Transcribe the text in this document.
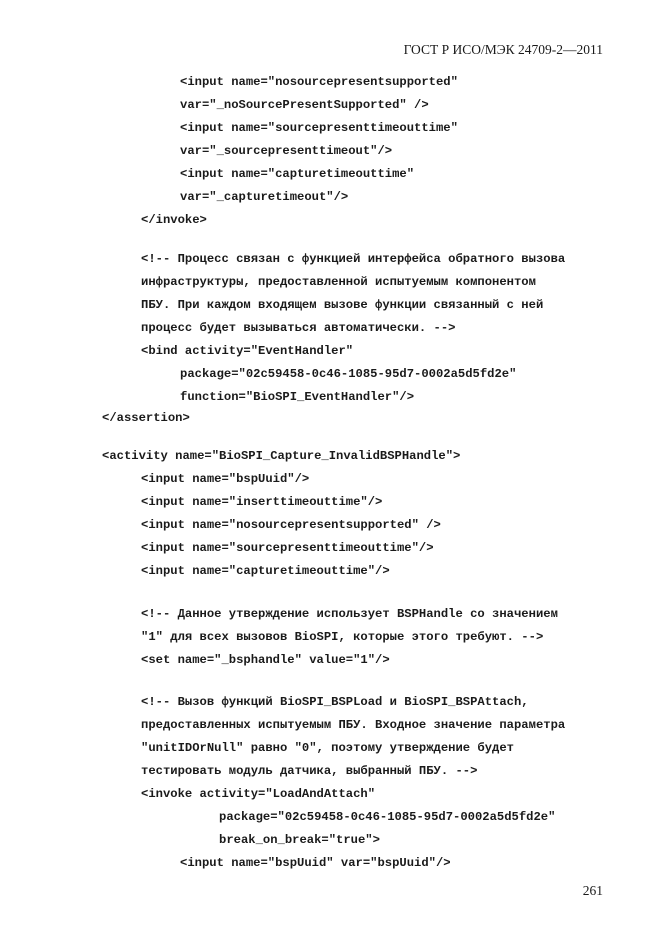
ГОСТ Р ИСО/МЭК 24709-2—2011
<input name="nosourcepresentsupported"
var="_noSourcePresentSupported" />
<input name="sourcepresenttimeouttime"
var="_sourcepresenttimeout"/>
<input name="capturetimeouttime"
var="_capturetimeout"/>
</invoke>
<!-- Процесс связан с функцией интерфейса обратного вызова
инфраструктуры, предоставленной испытуемым компонентом
ПБУ. При каждом входящем вызове функции связанный с ней
процесс будет вызываться автоматически. -->
<bind activity="EventHandler"
package="02c59458-0c46-1085-95d7-0002a5d5fd2e"
function="BioSPI_EventHandler"/>
</assertion>
<activity name="BioSPI_Capture_InvalidBSPHandle">
<input name="bspUuid"/>
<input name="inserttimeouttime"/>
<input name="nosourcepresentsupported" />
<input name="sourcepresenttimeouttime"/>
<input name="capturetimeouttime"/>
<!-- Данное утверждение использует BSPHandle со значением
"1" для всех вызовов BioSPI, которые этого требуют. -->
<set name="_bsphandle" value="1"/>
<!-- Вызов функций BioSPI_BSPLoad и BioSPI_BSPAttach,
предоставленных испытуемым ПБУ. Входное значение параметра
"unitIDOrNull" равно "0", поэтому утверждение будет
тестировать модуль датчика, выбранный ПБУ. -->
<invoke activity="LoadAndAttach"
package="02c59458-0c46-1085-95d7-0002a5d5fd2e"
break_on_break="true">
<input name="bspUuid" var="bspUuid"/>
261
